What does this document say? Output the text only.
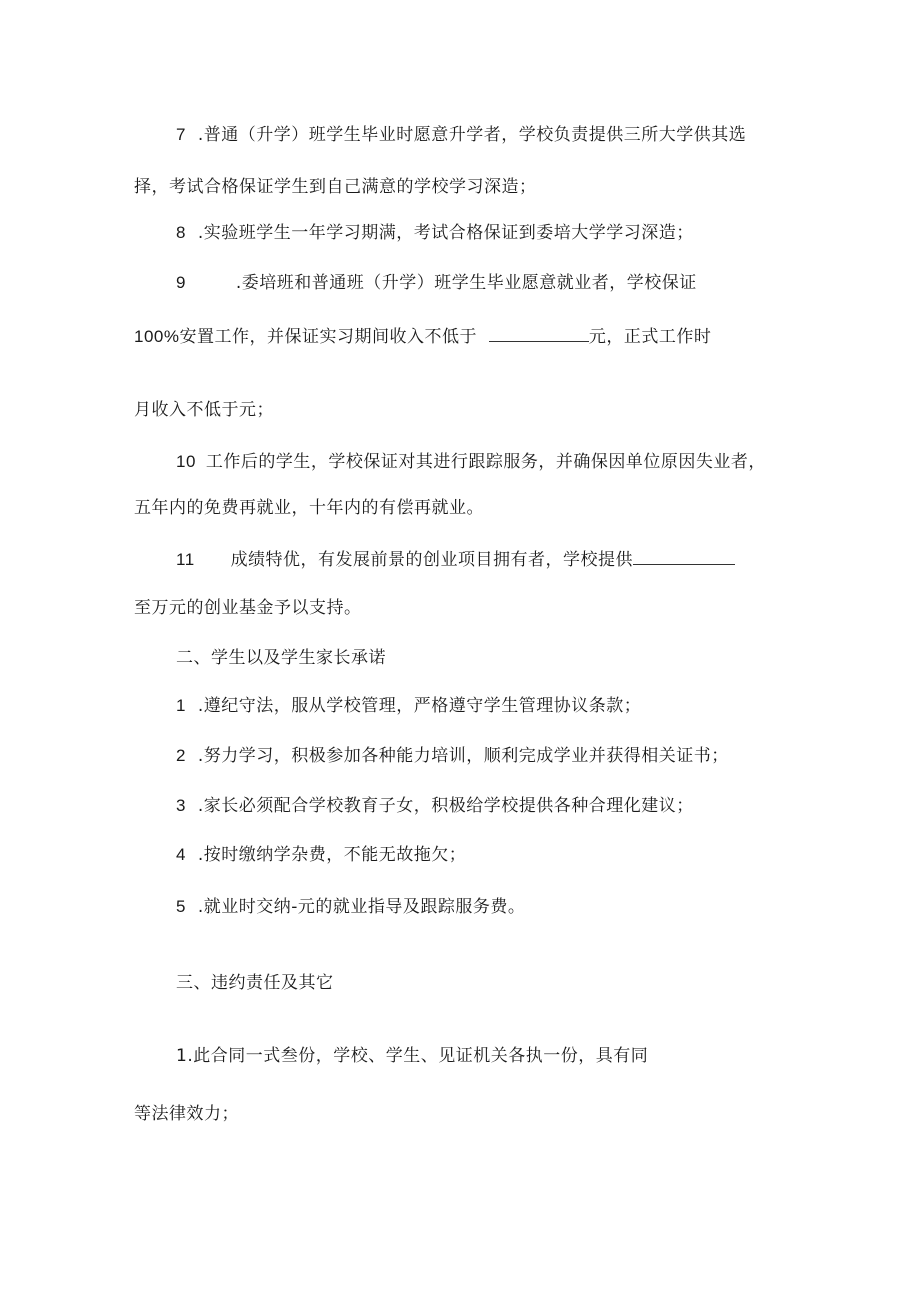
7 .普通（升学）班学生毕业时愿意升学者，学校负责提供三所大学供其选
择，考试合格保证学生到自己满意的学校学习深造；
8 .实验班学生一年学习期满，考试合格保证到委培大学学习深造；
9	.委培班和普通班（升学）班学生毕业愿意就业者，学校保证
100%安置工作，并保证实习期间收入不低于	元，正式工作时
月收入不低于元；
10 工作后的学生，学校保证对其进行跟踪服务，并确保因单位原因失业者，
五年内的免费再就业，十年内的有偿再就业。
11 成绩特优，有发展前景的创业项目拥有者，学校提供
至万元的创业基金予以支持。
二、学生以及学生家长承诺
1 .遵纪守法，服从学校管理，严格遵守学生管理协议条款；
2 .努力学习，积极参加各种能力培训，顺利完成学业并获得相关证书；
3 .家长必须配合学校教育子女，积极给学校提供各种合理化建议；
4 .按时缴纳学杂费，不能无故拖欠；
5 .就业时交纳-元的就业指导及跟踪服务费。
三、违约责任及其它
1.此合同一式叁份，学校、学生、见证机关各执一份，具有同
等法律效力；
